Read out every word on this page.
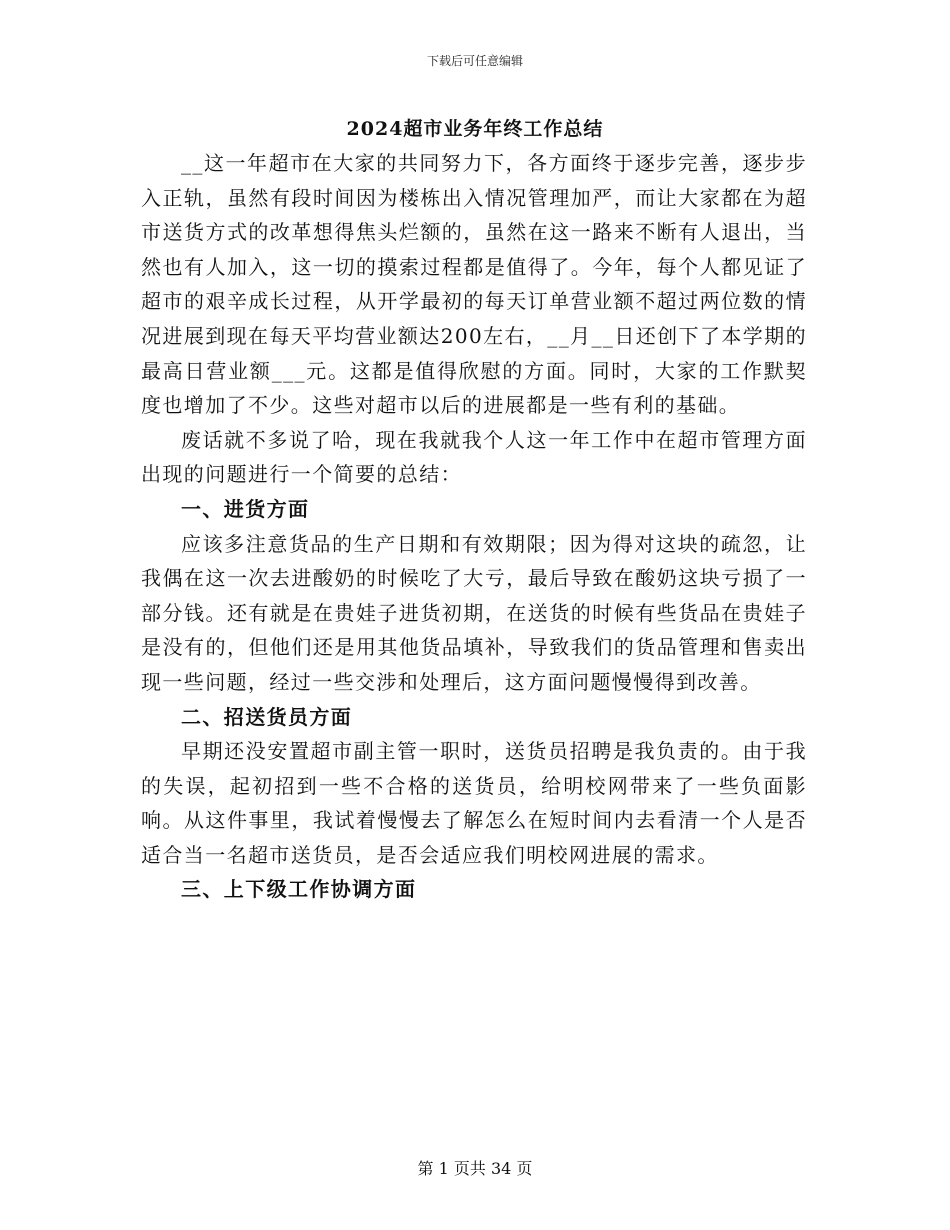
下载后可任意编辑
2024超市业务年终工作总结

__这一年超市在大家的共同努力下，各方面终于逐步完善，逐步步入正轨，虽然有段时间因为楼栋出入情况管理加严，而让大家都在为超市送货方式的改革想得焦头烂额的，虽然在这一路来不断有人退出，当然也有人加入，这一切的摸索过程都是值得了。今年，每个人都见证了超市的艰辛成长过程，从开学最初的每天订单营业额不超过两位数的情况进展到现在每天平均营业额达200左右，__月__日还创下了本学期的最高日营业额___元。这都是值得欣慰的方面。同时，大家的工作默契度也增加了不少。这些对超市以后的进展都是一些有利的基础。

废话就不多说了哈，现在我就我个人这一年工作中在超市管理方面出现的问题进行一个简要的总结：

一、进货方面

应该多注意货品的生产日期和有效期限；因为得对这块的疏忽，让我偶在这一次去进酸奶的时候吃了大亏，最后导致在酸奶这块亏损了一部分钱。还有就是在贵娃子进货初期，在送货的时候有些货品在贵娃子是没有的，但他们还是用其他货品填补，导致我们的货品管理和售卖出现一些问题，经过一些交涉和处理后，这方面问题慢慢得到改善。

二、招送货员方面

早期还没安置超市副主管一职时，送货员招聘是我负责的。由于我的失误，起初招到一些不合格的送货员，给明校网带来了一些负面影响。从这件事里，我试着慢慢去了解怎么在短时间内去看清一个人是否适合当一名超市送货员，是否会适应我们明校网进展的需求。

三、上下级工作协调方面

第 1 页共 34 页
